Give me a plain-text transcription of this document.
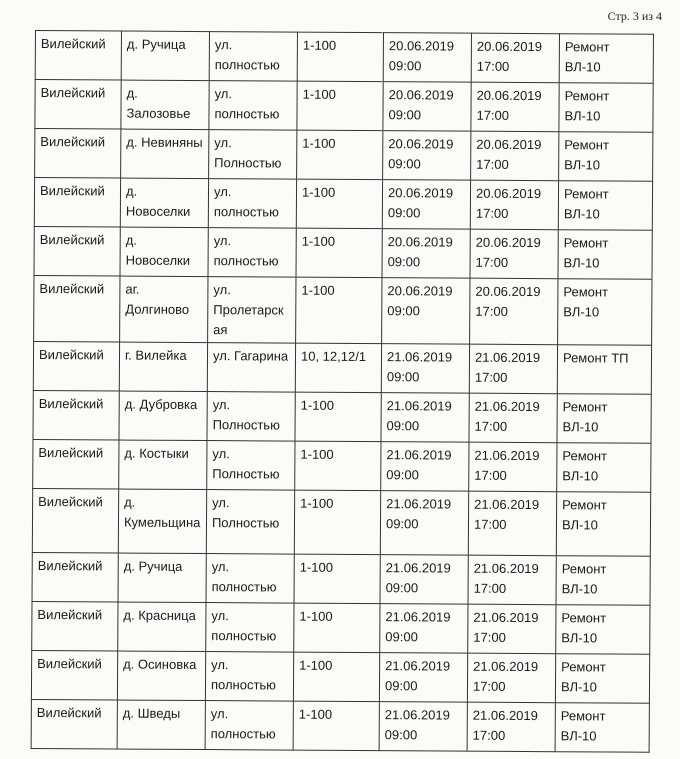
Стр. 3 из 4
Вилейский	д. Ручица	ул. полностью	1-100	20.06.2019 09:00	20.06.2019 17:00	Ремонт ВЛ-10
Вилейский	д. Залозовье	ул. полностью	1-100	20.06.2019 09:00	20.06.2019 17:00	Ремонт ВЛ-10
Вилейский	д. Невиняны	ул. Полностью	1-100	20.06.2019 09:00	20.06.2019 17:00	Ремонт ВЛ-10
Вилейский	д. Новоселки	ул. полностью	1-100	20.06.2019 09:00	20.06.2019 17:00	Ремонт ВЛ-10
Вилейский	д. Новоселки	ул. полностью	1-100	20.06.2019 09:00	20.06.2019 17:00	Ремонт ВЛ-10
Вилейский	аг. Долгиново	ул. Пролетарская	1-100	20.06.2019 09:00	20.06.2019 17:00	Ремонт ВЛ-10
Вилейский	г. Вилейка	ул. Гагарина	10, 12,12/1	21.06.2019 09:00	21.06.2019 17:00	Ремонт ТП
Вилейский	д. Дубровка	ул. Полностью	1-100	21.06.2019 09:00	21.06.2019 17:00	Ремонт ВЛ-10
Вилейский	д. Костыки	ул. Полностью	1-100	21.06.2019 09:00	21.06.2019 17:00	Ремонт ВЛ-10
Вилейский	д. Кумельщина	ул. Полностью	1-100	21.06.2019 09:00	21.06.2019 17:00	Ремонт ВЛ-10
Вилейский	д. Ручица	ул. полностью	1-100	21.06.2019 09:00	21.06.2019 17:00	Ремонт ВЛ-10
Вилейский	д. Красница	ул. полностью	1-100	21.06.2019 09:00	21.06.2019 17:00	Ремонт ВЛ-10
Вилейский	д. Осиновка	ул. полностью	1-100	21.06.2019 09:00	21.06.2019 17:00	Ремонт ВЛ-10
Вилейский	д. Шведы	ул. полностью	1-100	21.06.2019 09:00	21.06.2019 17:00	Ремонт ВЛ-10
